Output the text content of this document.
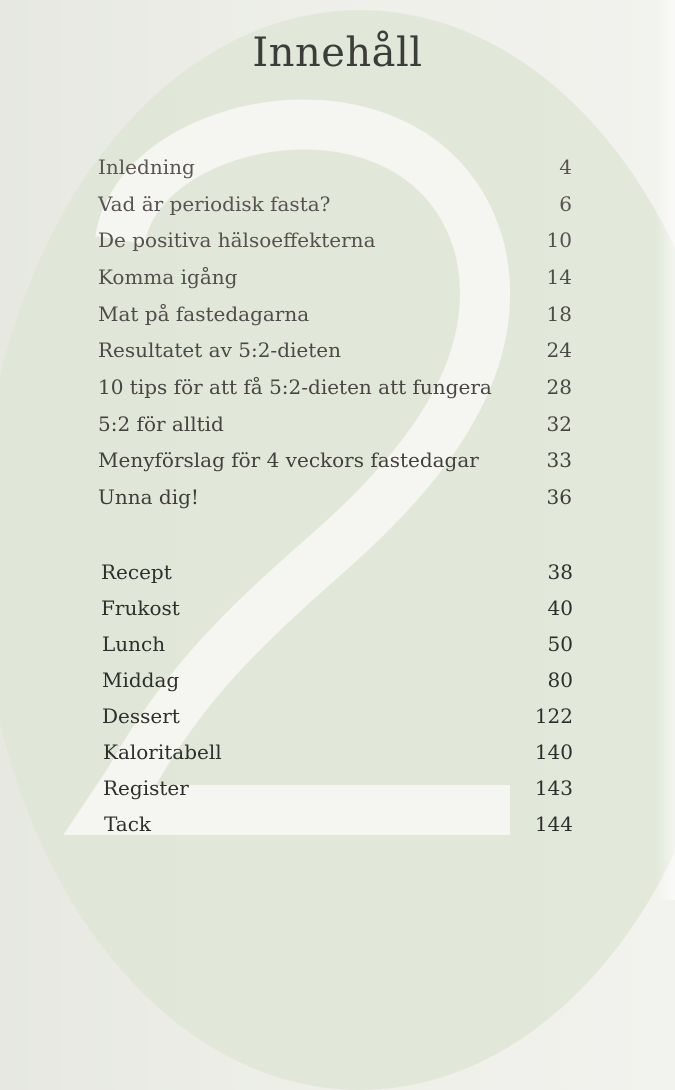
Innehåll
Inledning	4
Vad är periodisk fasta?	6
De positiva hälsoeffekterna	10
Komma igång	14
Mat på fastedagarna	18
Resultatet av 5:2-dieten	24
10 tips för att få 5:2-dieten att fungera	28
5:2 för alltid	32
Menyförslag för 4 veckors fastedagar	33
Unna dig!	36
Recept	38
Frukost	40
Lunch	50
Middag	80
Dessert	122
Kaloritabell	140
Register	143
Tack	144
